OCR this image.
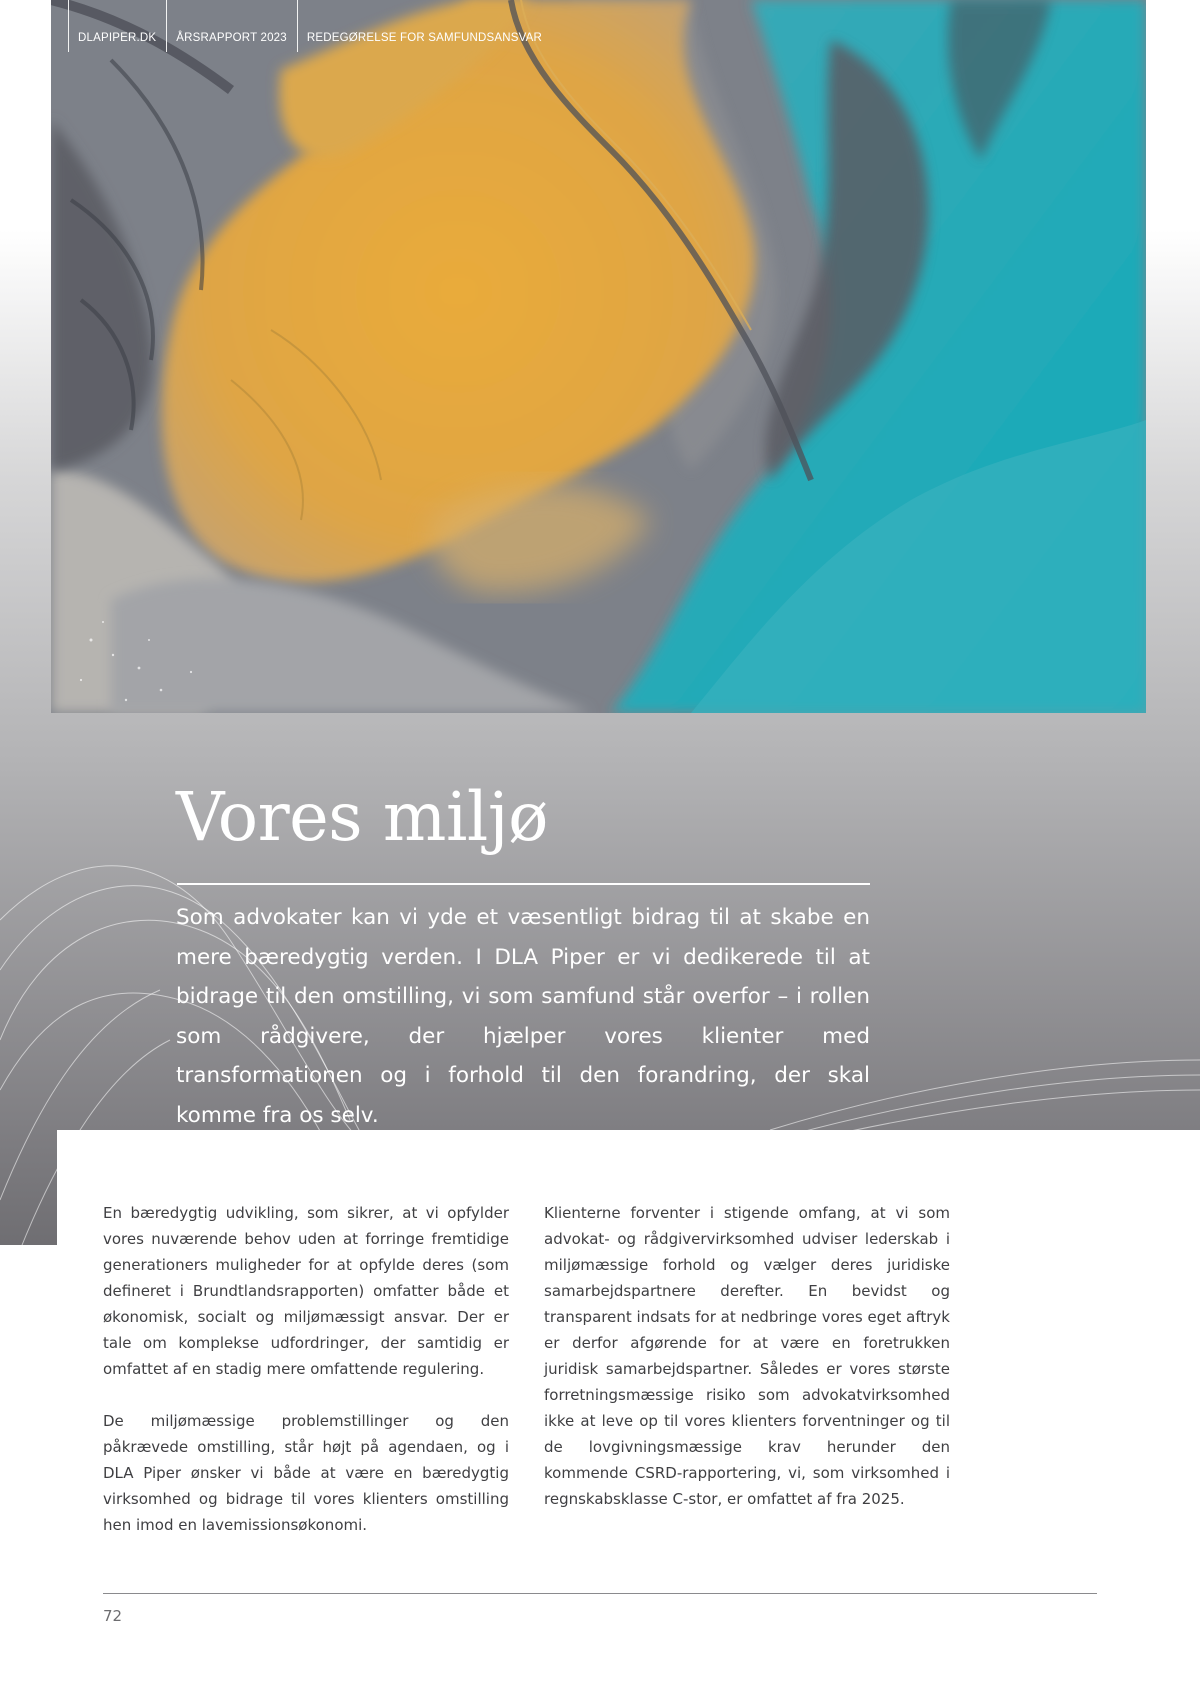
DLAPIPER.DK	ÅRSRAPPORT 2023	REDEGØRELSE FOR SAMFUNDSANSVAR
Vores miljø

Som advokater kan vi yde et væsentligt bidrag til at skabe en mere bæredygtig verden. I DLA Piper er vi dedikerede til at bidrage til den omstilling, vi som samfund står overfor – i rollen som rådgivere, der hjælper vores klienter med transformationen og i forhold til den forandring, der skal komme fra os selv.

En bæredygtig udvikling, som sikrer, at vi opfylder vores nuværende behov uden at forringe fremtidige generationers muligheder for at opfylde deres (som defineret i Brundtlandsrapporten) omfatter både et økonomisk, socialt og miljømæssigt ansvar. Der er tale om komplekse udfordringer, der samtidig er omfattet af en stadig mere omfattende regulering.

De miljømæssige problemstillinger og den påkrævede omstilling, står højt på agendaen, og i DLA Piper ønsker vi både at være en bæredygtig virksomhed og bidrage til vores klienters omstilling hen imod en lavemissionsøkonomi.

Klienterne forventer i stigende omfang, at vi som advokat- og rådgivervirksomhed udviser lederskab i miljømæssige forhold og vælger deres juridiske samarbejdspartnere derefter. En bevidst og transparent indsats for at nedbringe vores eget aftryk er derfor afgørende for at være en foretrukken juridisk samarbejdspartner. Således er vores største forretningsmæssige risiko som advokatvirksomhed ikke at leve op til vores klienters forventninger og til de lovgivningsmæssige krav herunder den kommende CSRD-rapportering, vi, som virksomhed i regnskabsklasse C-stor, er omfattet af fra 2025.

72
